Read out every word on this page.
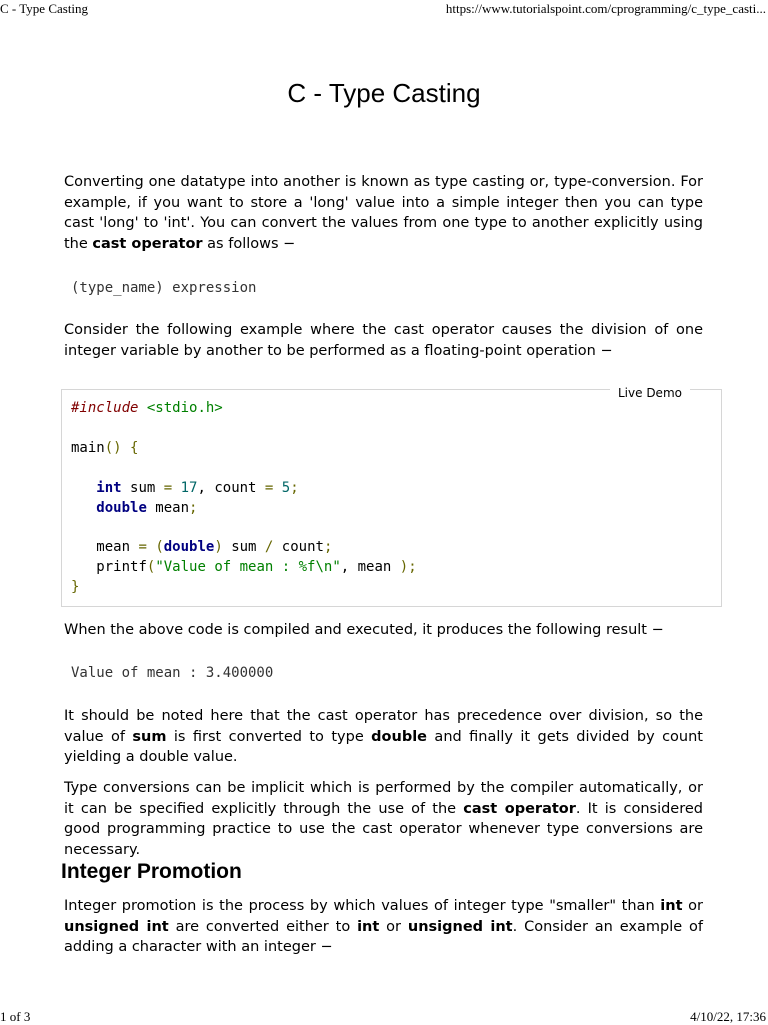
C - Type Casting	https://www.tutorialspoint.com/cprogramming/c_type_casti...
C - Type Casting

Converting one datatype into another is known as type casting or, type-conversion. For example, if you want to store a 'long' value into a simple integer then you can type cast 'long' to 'int'. You can convert the values from one type to another explicitly using the cast operator as follows −

(type_name) expression

Consider the following example where the cast operator causes the division of one integer variable by another to be performed as a floating-point operation −

Live Demo
#include <stdio.h>
main() {
int sum = 17, count = 5;
double mean;
mean = (double) sum / count;
printf("Value of mean : %f\n", mean );
}

When the above code is compiled and executed, it produces the following result −

Value of mean : 3.400000

It should be noted here that the cast operator has precedence over division, so the value of sum is first converted to type double and finally it gets divided by count yielding a double value.

Type conversions can be implicit which is performed by the compiler automatically, or it can be specified explicitly through the use of the cast operator. It is considered good programming practice to use the cast operator whenever type conversions are necessary.

Integer Promotion

Integer promotion is the process by which values of integer type "smaller" than int or unsigned int are converted either to int or unsigned int. Consider an example of adding a character with an integer −

1 of 3	4/10/22, 17:36
